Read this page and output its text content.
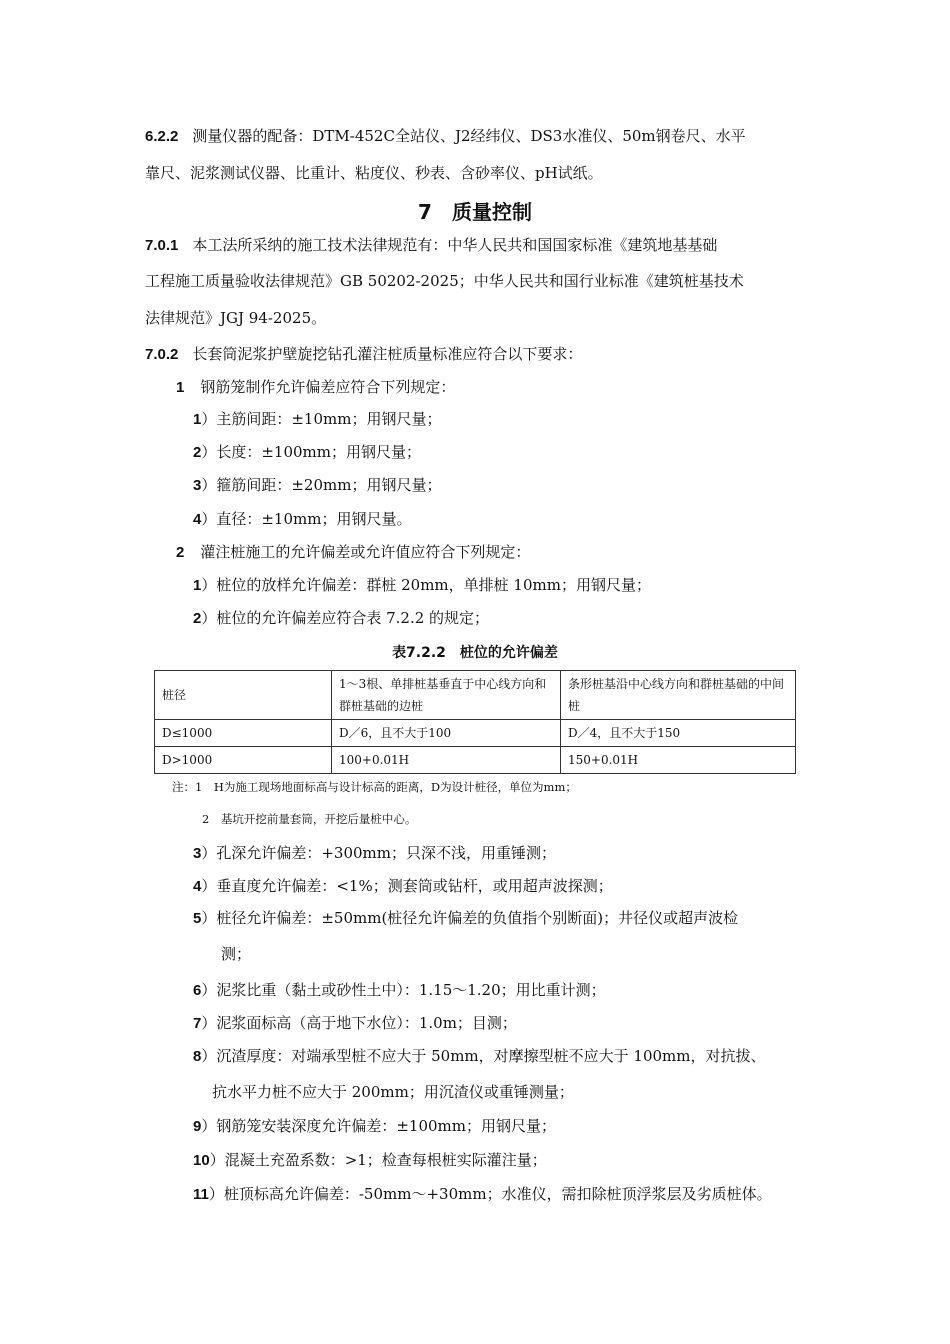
6.2.2 测量仪器的配备：DTM-452C全站仪、J2经纬仪、DS3水准仪、50m钢卷尺、水平
靠尺、泥浆测试仪器、比重计、粘度仪、秒表、含砂率仪、pH试纸。
7　质量控制
7.0.1 本工法所采纳的施工技术法律规范有：中华人民共和国国家标准《建筑地基基础
工程施工质量验收法律规范》GB 50202-2025；中华人民共和国行业标准《建筑桩基技术
法律规范》JGJ 94-2025。
7.0.2 长套筒泥浆护壁旋挖钻孔灌注桩质量标准应符合以下要求：
1 钢筋笼制作允许偏差应符合下列规定：
1）主筋间距：±10mm；用钢尺量；
2）长度：±100mm；用钢尺量；
3）箍筋间距：±20mm；用钢尺量；
4）直径：±10mm；用钢尺量。
2 灌注桩施工的允许偏差或允许值应符合下列规定：
1）桩位的放样允许偏差：群桩 20mm，单排桩 10mm；用钢尺量；
2）桩位的允许偏差应符合表 7.2.2 的规定；
表7.2.2　桩位的允许偏差
桩径	1～3根、单排桩基垂直于中心线方向和群桩基础的边桩	条形桩基沿中心线方向和群桩基础的中间桩
D≤1000	D／6，且不大于100	D／4，且不大于150
D>1000	100+0.01H	150+0.01H
注：1　H为施工现场地面标高与设计标高的距离，D为设计桩径，单位为mm；
2　基坑开挖前量套筒，开挖后量桩中心。
3）孔深允许偏差：+300mm；只深不浅，用重锤测；
4）垂直度允许偏差：<1%；测套筒或钻杆，或用超声波探测；
5）桩径允许偏差：±50mm(桩径允许偏差的负值指个别断面)；井径仪或超声波检
测；
6）泥浆比重（黏土或砂性土中）：1.15～1.20；用比重计测；
7）泥浆面标高（高于地下水位）：1.0m；目测；
8）沉渣厚度：对端承型桩不应大于 50mm，对摩擦型桩不应大于 100mm，对抗拔、
抗水平力桩不应大于 200mm；用沉渣仪或重锤测量；
9）钢筋笼安装深度允许偏差：±100mm；用钢尺量；
10）混凝土充盈系数：>1；检查每根桩实际灌注量；
11）桩顶标高允许偏差：-50mm～+30mm；水准仪，需扣除桩顶浮浆层及劣质桩体。
